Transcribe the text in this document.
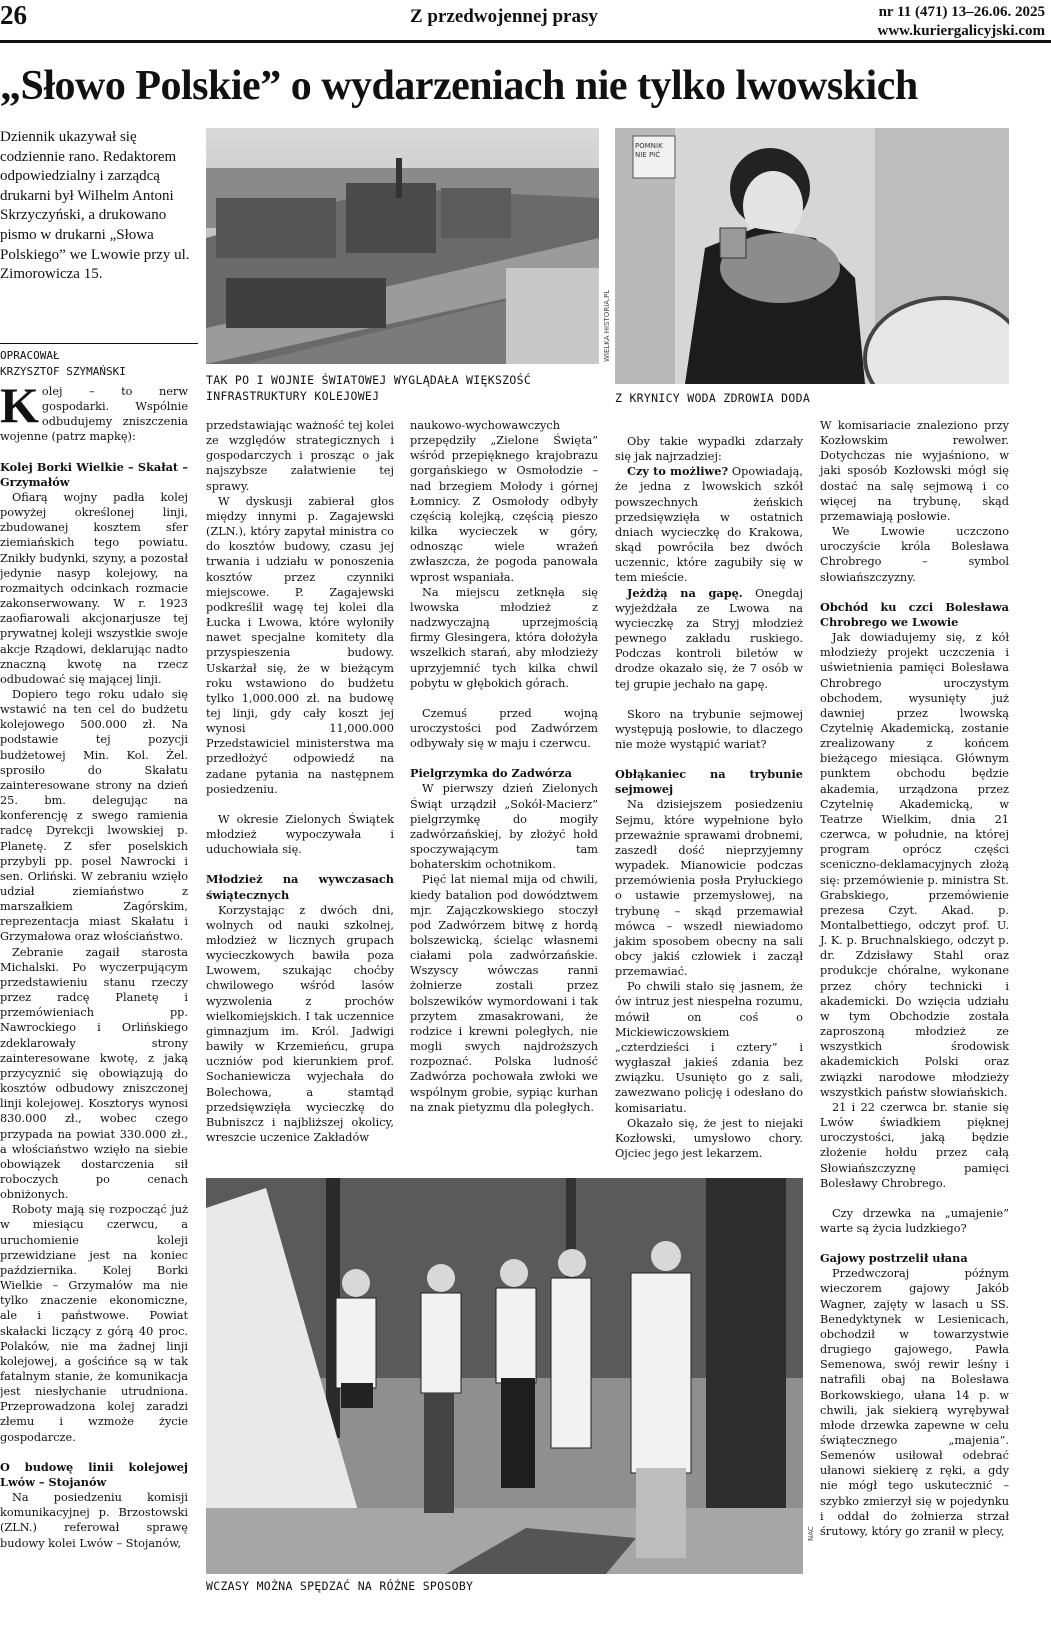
26	Z przedwojennej prasy	nr 11 (471) 13–26.06. 2025
www.kuriergalicyjski.com
„Słowo Polskie” o wydarzeniach nie tylko lwowskich
Dziennik ukazywał się codziennie rano. Redaktorem odpowiedzialny i zarządcą drukarni był Wilhelm Antoni Skrzyczyński, a drukowano pismo w drukarni „Słowa Polskiego” we Lwowie przy ul. Zimorowicza 15.
OPRACOWAŁ
KRZYSZTOF SZYMAŃSKI
WIELKA HISTORIA.PL
TAK PO I WOJNIE ŚWIATOWEJ WYGLĄDAŁA WIĘKSZOŚĆ INFRASTRUKTURY KOLEJOWEJ
POMNIK NIE PIĆ
Z KRYNICY WODA ZDROWIA DODA
NAC
WCZASY MOŻNA SPĘDZAĆ NA RÓŻNE SPOSOBY

Kolej – to nerw gospodarki. Wspólnie odbudujemy zniszczenia wojenne (patrz mapkę):

Kolej Borki Wielkie – Skałat – Grzymałów

Ofiarą wojny padła kolej powyżej określonej linji, zbudowanej kosztem sfer ziemiańskich tego powiatu. Znikły budynki, szyny, a pozostał jedynie nasyp kolejowy, na rozmaitych odcinkach rozmacie zakonserwowany. W r. 1923 zaofiarowali akcjonarjusze tej prywatnej koleji wszystkie swoje akcje Rządowi, deklarując nadto znaczną kwotę na rzecz odbudować się mającej linji.

Dopiero tego roku udało się wstawić na ten cel do budżetu kolejowego 500.000 zł. Na podstawie tej pozycji budżetowej Min. Kol. Żel. sprosiło do Skałatu zainteresowane strony na dzień 25. bm. delegując na konferencję z swego ramienia radcę Dyrekcji lwowskiej p. Planetę. Z sfer poselskich przybyli pp. posel Nawrocki i sen. Orliński. W zebraniu wzięło udział ziemiaństwo z marszałkiem Zagórskim, reprezentacja miast Skałatu i Grzymałowa oraz włościaństwo.

Zebranie zagaił starosta Michalski. Po wyczerpującym przedstawieniu stanu rzeczy przez radcę Planetę i przemówieniach pp. Nawrockiego i Orlińskiego zdeklarowały strony zainteresowane kwotę, z jaką przycyznić się obowiązują do kosztów odbudowy zniszczonej linji kolejowej. Kosztorys wynosi 830.000 zł., wobec czego przypada na powiat 330.000 zł., a włościaństwo wzięło na siebie obowiązek dostarczenia sił roboczych po cenach obniżonych.

Roboty mają się rozpocząć już w miesiącu czerwcu, a uruchomienie koleji przewidziane jest na koniec października. Kolej Borki Wielkie – Grzymałów ma nie tylko znaczenie ekonomiczne, ale i państwowe. Powiat skałacki liczący z górą 40 proc. Polaków, nie ma żadnej linji kolejowej, a gościńce są w tak fatalnym stanie, że komunikacja jest niesłychanie utrudniona. Przeprowadzona kolej zaradzi złemu i wzmoże życie gospodarcze.

O budowę linii kolejowej Lwów – Stojanów

Na posiedzeniu komisji komunikacyjnej p. Brzostowski (ZLN.) referował sprawę budowy kolei Lwów – Stojanów,

przedstawiając ważność tej kolei ze względów strategicznych i gospodarczych i prosząc o jak najszybsze załatwienie tej sprawy.

W dyskusji zabierał głos między innymi p. Zagajewski (ZLN.), który zapytał ministra co do kosztów budowy, czasu jej trwania i udziału w ponoszenia kosztów przez czynniki miejscowe. P. Zagajewski podkreślił wagę tej kolei dla Łucka i Lwowa, które wyłoniły nawet specjalne komitety dla przyspieszenia budowy. Uskarżał się, że w bieżącym roku wstawiono do budżetu tylko 1,000.000 zł. na budowę tej linji, gdy cały koszt jej wynosi 11,000.000 Przedstawiciel ministerstwa ma przedłożyć odpowiedź na zadane pytania na następnem posiedzeniu.

W okresie Zielonych Świątek młodzież wypoczywała i uduchowiała się.

Młodzież na wywczasach świątecznych

Korzystając z dwóch dni, wolnych od nauki szkolnej, młodzież w licznych grupach wycieczkowych bawiła poza Lwowem, szukając choćby chwilowego wśród lasów wyzwolenia z prochów wielkomiejskich. I tak uczennice gimnazjum im. Król. Jadwigi bawiły w Krzemieńcu, grupa uczniów pod kierunkiem prof. Sochaniewicza wyjechała do Bolechowa, a stamtąd przedsięwzięła wycieczkę do Bubniszcz i najbliższej okolicy, wreszcie uczenice Zakładów

naukowo-wychowawczych przepędziły „Zielone Święta” wśród przepięknego krajobrazu gorgańskiego w Osmołodzie – nad brzegiem Mołody i górnej Łomnicy. Z Osmołody odbyły częścią kolejką, częścią pieszo kilka wycieczek w góry, odnosząc wiele wrażeń zwłaszcza, że pogoda panowała wprost wspaniała.

Na miejscu zetknęła się lwowska młodzież z nadzwyczajną uprzejmością firmy Glesingera, która dołożyła wszelkich starań, aby młodzieży uprzyjemnić tych kilka chwil pobytu w głębokich górach.

Czemuś przed wojną uroczystości pod Zadwórzem odbywały się w maju i czerwcu.

Pielgrzymka do Zadwórza

W pierwszy dzień Zielonych Świąt urządził „Sokół-Macierz” pielgrzymkę do mogiły zadwórzańskiej, by złożyć hołd spoczywającym tam bohaterskim ochotnikom.

Pięć lat niemal mija od chwili, kiedy batalion pod dowództwem mjr. Zajączkowskiego stoczył pod Zadwórzem bitwę z hordą bolszewicką, ścieląc własnemi ciałami pola zadwórzańskie. Wszyscy wówczas ranni żołnierze zostali przez bolszewików wymordowani i tak przytem zmasakrowani, że rodzice i krewni poległych, nie mogli swych najdroższych rozpoznać. Polska ludność Zadwórza pochowała zwłoki we wspólnym grobie, sypiąc kurhan na znak pietyzmu dla poległych.

Oby takie wypadki zdarzały się jak najrzadziej:

Czy to możliwe? Opowiadają, że jedna z lwowskich szkół powszechnych żeńskich przedsięwzięła w ostatnich dniach wycieczkę do Krakowa, skąd powróciła bez dwóch uczennic, które zagubiły się w tem mieście.

Jeżdżą na gapę. Onegdaj wyjeżdżała ze Lwowa na wycieczkę za Stryj młodzież pewnego zakładu ruskiego. Podczas kontroli biletów w drodze okazało się, że 7 osób w tej grupie jechało na gapę.

Skoro na trybunie sejmowej występują posłowie, to dlaczego nie może wystąpić wariat?

Obłąkaniec na trybunie sejmowej

Na dzisiejszem posiedzeniu Sejmu, które wypełnione było przeważnie sprawami drobnemi, zaszedł dość nieprzyjemny wypadek. Mianowicie podczas przemówienia posła Pryłuckiego o ustawie przemysłowej, na trybunę – skąd przemawiał mówca – wszedł niewiadomo jakim sposobem obecny na sali obcy jakiś człowiek i zaczął przemawiać.

Po chwili stało się jasnem, że ów intruz jest niespełna rozumu, mówił on coś o Mickiewiczowskiem „czterdzieści i cztery” i wygłaszał jakieś zdania bez związku. Usunięto go z sali, zawezwano policję i odesłano do komisariatu.

Okazało się, że jest to niejaki Kozłowski, umysłowo chory. Ojciec jego jest lekarzem.

W komisariacie znaleziono przy Kozłowskim rewolwer. Dotychczas nie wyjaśniono, w jaki sposób Kozłowski mógł się dostać na salę sejmową i co więcej na trybunę, skąd przemawiają posłowie.

We Lwowie uczczono uroczyście króla Bolesława Chrobrego – symbol słowiańszczyzny.

Obchód ku czci Bolesława Chrobrego we Lwowie

Jak dowiadujemy się, z kół młodzieży projekt uczczenia i uświetnienia pamięci Bolesława Chrobrego uroczystym obchodem, wysunięty już dawniej przez lwowską Czytelnię Akademicką, zostanie zrealizowany z końcem bieżącego miesiąca. Głównym punktem obchodu będzie akademia, urządzona przez Czytelnię Akademicką, w Teatrze Wielkim, dnia 21 czerwca, w południe, na której program oprócz części sceniczno-deklamacyjnych złożą się: przemówienie p. ministra St. Grabskiego, przemówienie prezesa Czyt. Akad. p. Montalbettiego, odczyt prof. U. J. K. p. Bruchnalskiego, odczyt p. dr. Zdzisławy Stahl oraz produkcje chóralne, wykonane przez chóry technicki i akademicki. Do wzięcia udziału w tym Obchodzie została zaproszoną młodzież ze wszystkich środowisk akademickich Polski oraz związki narodowe młodzieży wszystkich państw słowiańskich.

21 i 22 czerwca br. stanie się Lwów świadkiem pięknej uroczystości, jaką będzie złożenie hołdu przez całą Słowiańszczyznę pamięci Bolesławy Chrobrego.

Czy drzewka na „umajenie” warte są życia ludzkiego?

Gajowy postrzelił ułana

Przedwczoraj późnym wieczorem gajowy Jakób Wagner, zajęty w lasach u SS. Benedyktynek w Lesienicach, obchodził w towarzystwie drugiego gajowego, Pawła Semenowa, swój rewir leśny i natrafili obaj na Bolesława Borkowskiego, ułana 14 p. w chwili, jak siekierą wyrębywał młode drzewka zapewne w celu świątecznego „majenia”. Semenów usiłował odebrać ułanowi siekierę z ręki, a gdy nie mógł tego uskutecznić – szybko zmierzył się w pojedynku i oddał do żołnierza strzał śrutowy, który go zranił w plecy,
